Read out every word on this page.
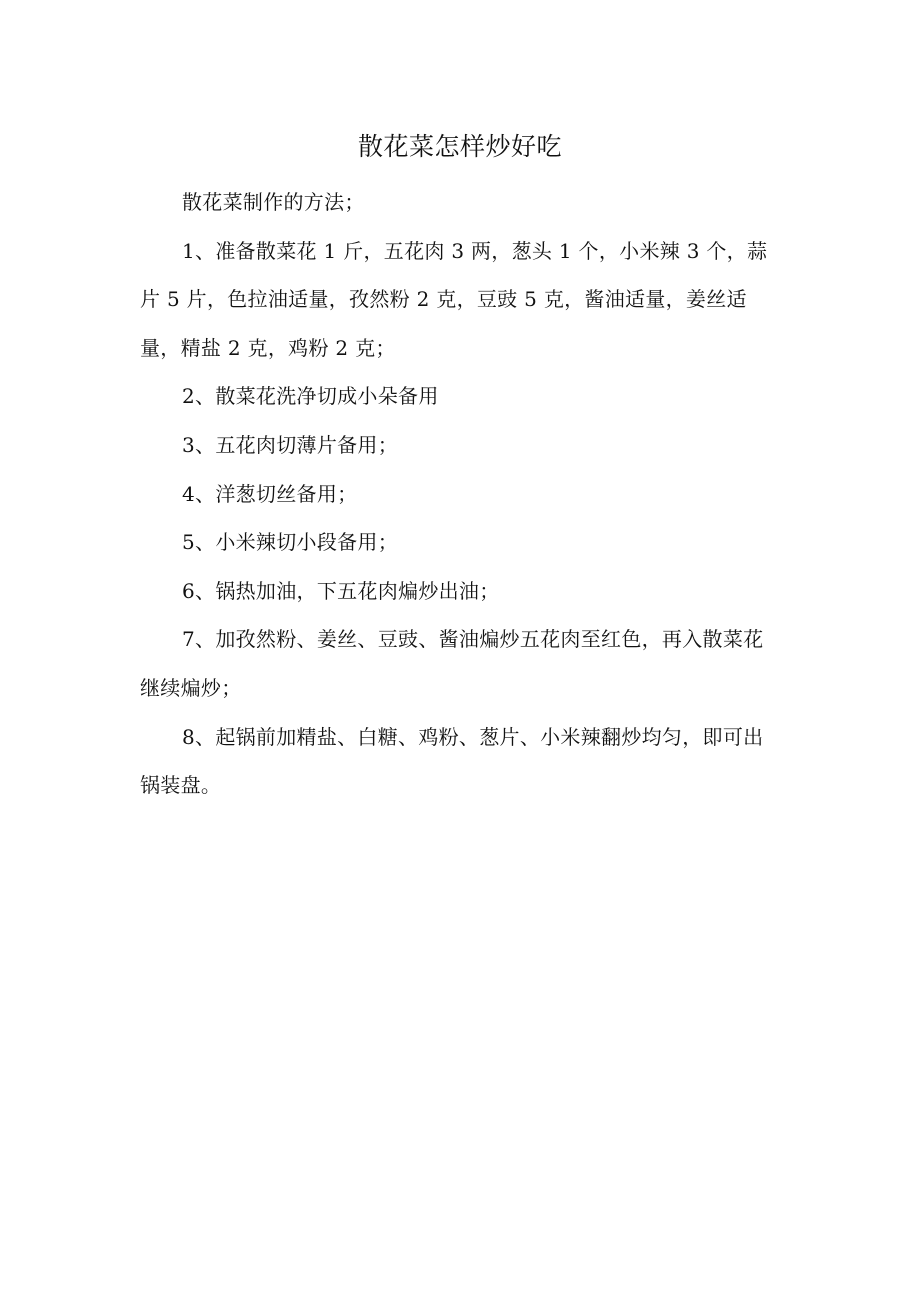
散花菜怎样炒好吃

散花菜制作的方法；

1、准备散菜花 1 斤，五花肉 3 两，葱头 1 个，小米辣 3 个，蒜片 5 片，色拉油适量，孜然粉 2 克，豆豉 5 克，酱油适量，姜丝适量，精盐 2 克，鸡粉 2 克；

2、散菜花洗净切成小朵备用

3、五花肉切薄片备用；

4、洋葱切丝备用；

5、小米辣切小段备用；

6、锅热加油，下五花肉煸炒出油；

7、加孜然粉、姜丝、豆豉、酱油煸炒五花肉至红色，再入散菜花继续煸炒；

8、起锅前加精盐、白糖、鸡粉、葱片、小米辣翻炒均匀，即可出

锅装盘。
